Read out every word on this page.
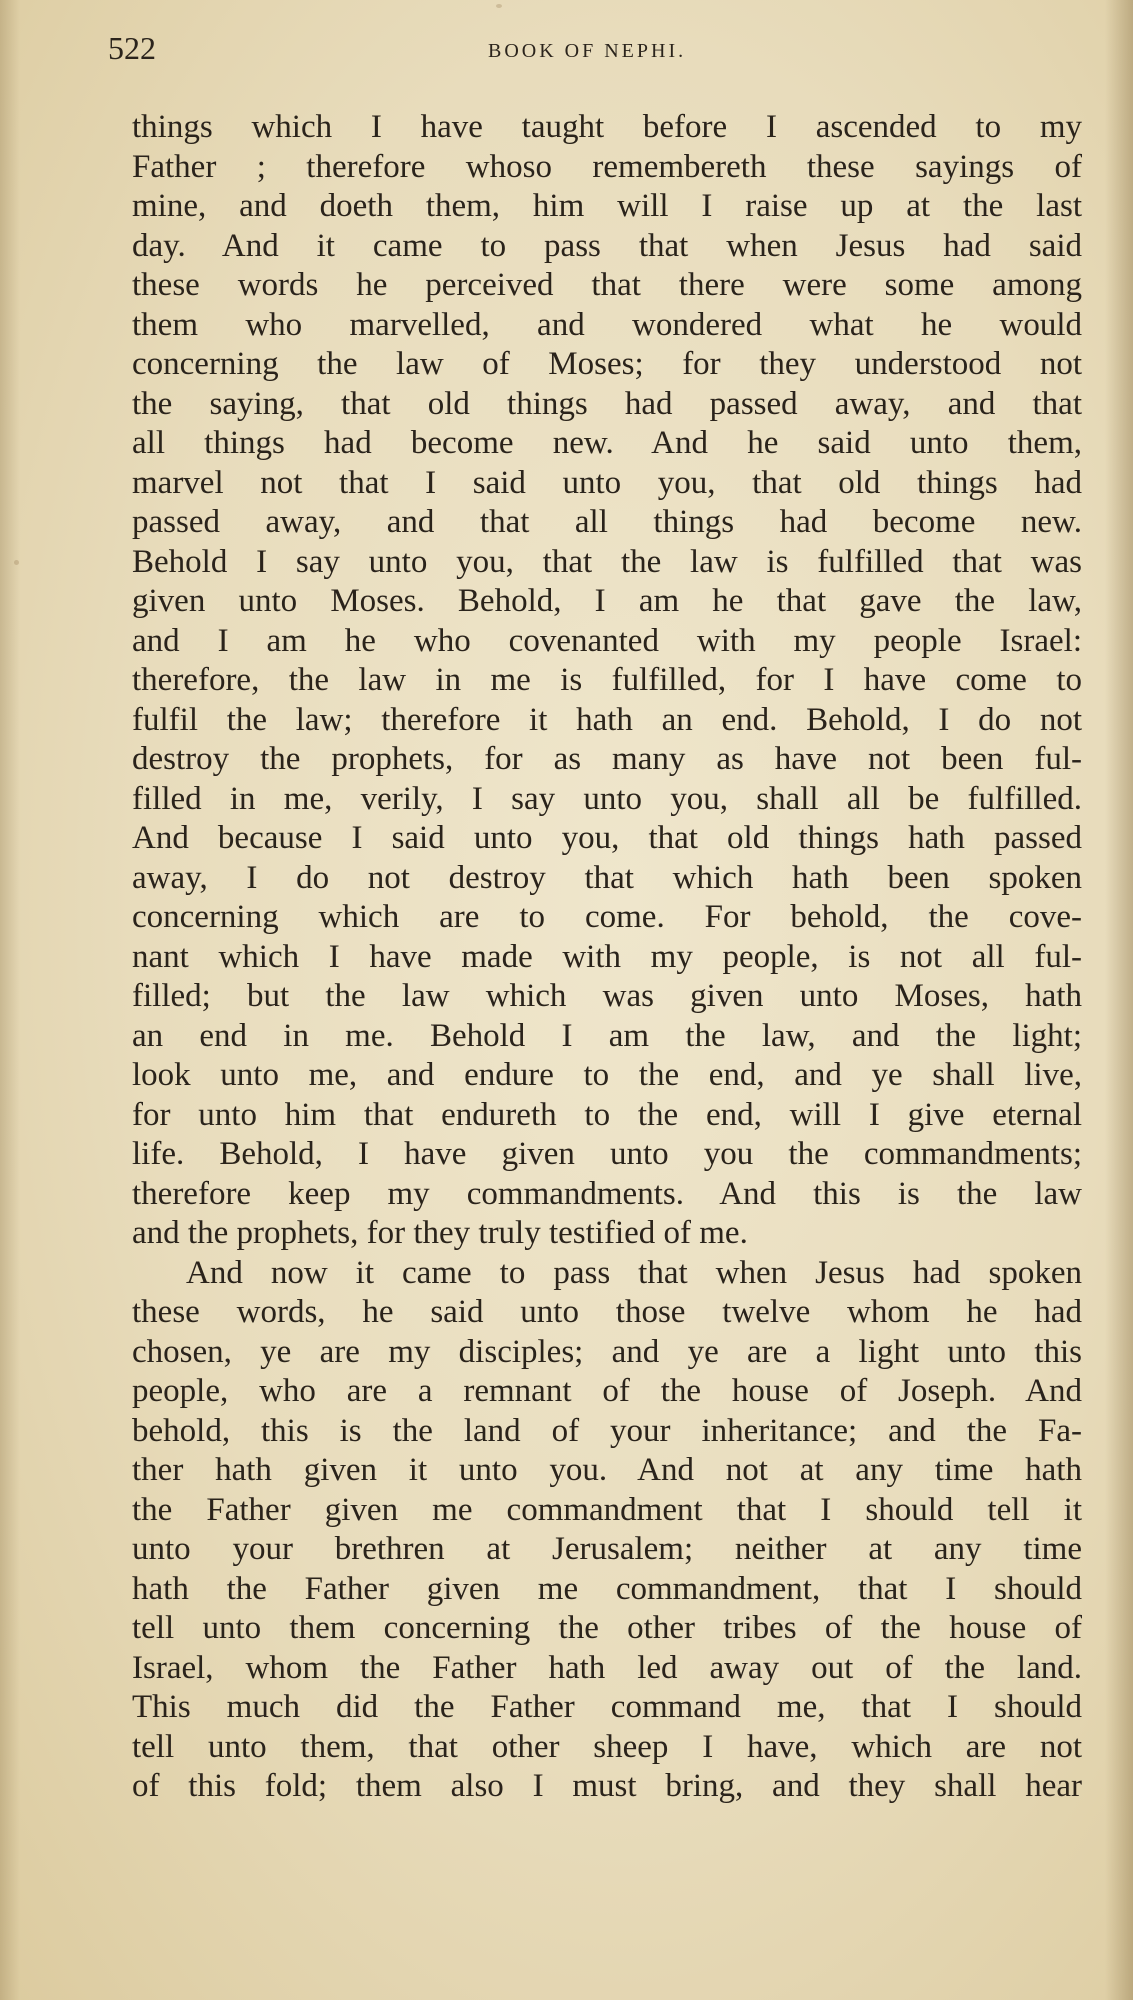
522	BOOK OF NEPHI.
things which I have taught before I ascended to my
Father ; therefore whoso remembereth these sayings of
mine, and doeth them, him will I raise up at the last
day. And it came to pass that when Jesus had said
these words he perceived that there were some among
them who marvelled, and wondered what he would
concerning the law of Moses; for they understood not
the saying, that old things had passed away, and that
all things had become new. And he said unto them,
marvel not that I said unto you, that old things had
passed away, and that all things had become new.
Behold I say unto you, that the law is fulfilled that was
given unto Moses. Behold, I am he that gave the law,
and I am he who covenanted with my people Israel:
therefore, the law in me is fulfilled, for I have come to
fulfil the law; therefore it hath an end. Behold, I do not
destroy the prophets, for as many as have not been ful-
filled in me, verily, I say unto you, shall all be fulfilled.
And because I said unto you, that old things hath passed
away, I do not destroy that which hath been spoken
concerning which are to come. For behold, the cove-
nant which I have made with my people, is not all ful-
filled; but the law which was given unto Moses, hath
an end in me. Behold I am the law, and the light;
look unto me, and endure to the end, and ye shall live,
for unto him that endureth to the end, will I give eternal
life. Behold, I have given unto you the commandments;
therefore keep my commandments. And this is the law
and the prophets, for they truly testified of me.
And now it came to pass that when Jesus had spoken
these words, he said unto those twelve whom he had
chosen, ye are my disciples; and ye are a light unto this
people, who are a remnant of the house of Joseph. And
behold, this is the land of your inheritance; and the Fa-
ther hath given it unto you. And not at any time hath
the Father given me commandment that I should tell it
unto your brethren at Jerusalem; neither at any time
hath the Father given me commandment, that I should
tell unto them concerning the other tribes of the house of
Israel, whom the Father hath led away out of the land.
This much did the Father command me, that I should
tell unto them, that other sheep I have, which are not
of this fold; them also I must bring, and they shall hear
